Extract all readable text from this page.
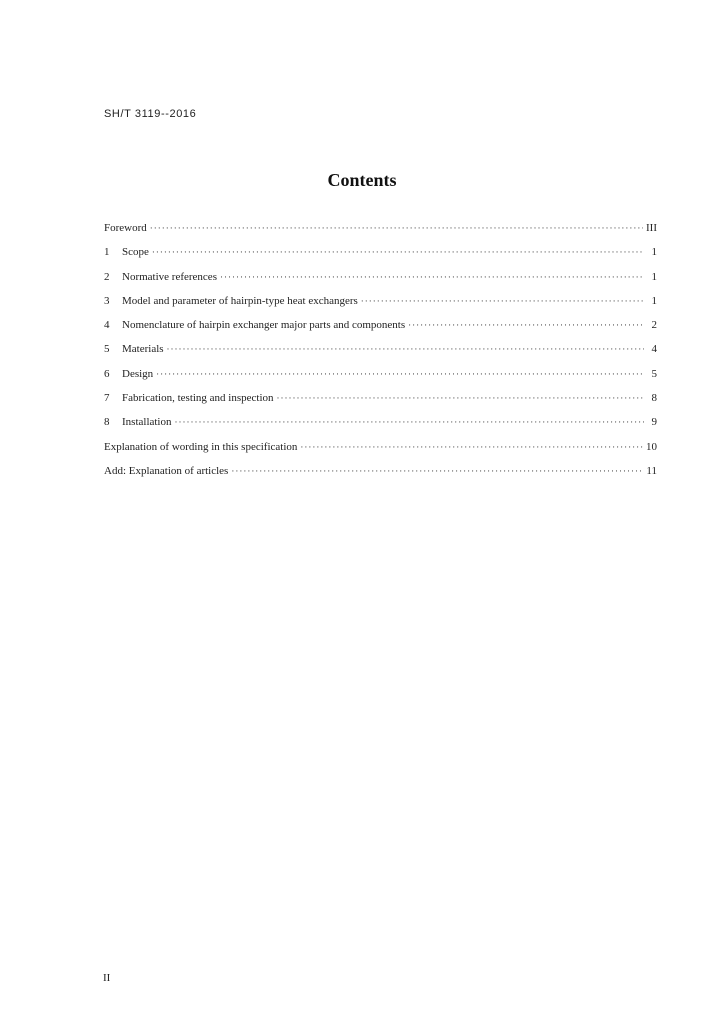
SH/T 3119--2016
Contents
Foreword ·····	III
1	Scope ·····	1
2	Normative references ·····	1
3	Model and parameter of hairpin-type heat exchangers ·····	1
4	Nomenclature of hairpin exchanger major parts and components ·····	2
5	Materials ·····	4
6	Design ·····	5
7	Fabrication, testing and inspection ·····	8
8	Installation ·····	9
Explanation of wording in this specification ·····	10
Add: Explanation of articles ·····	11
II
